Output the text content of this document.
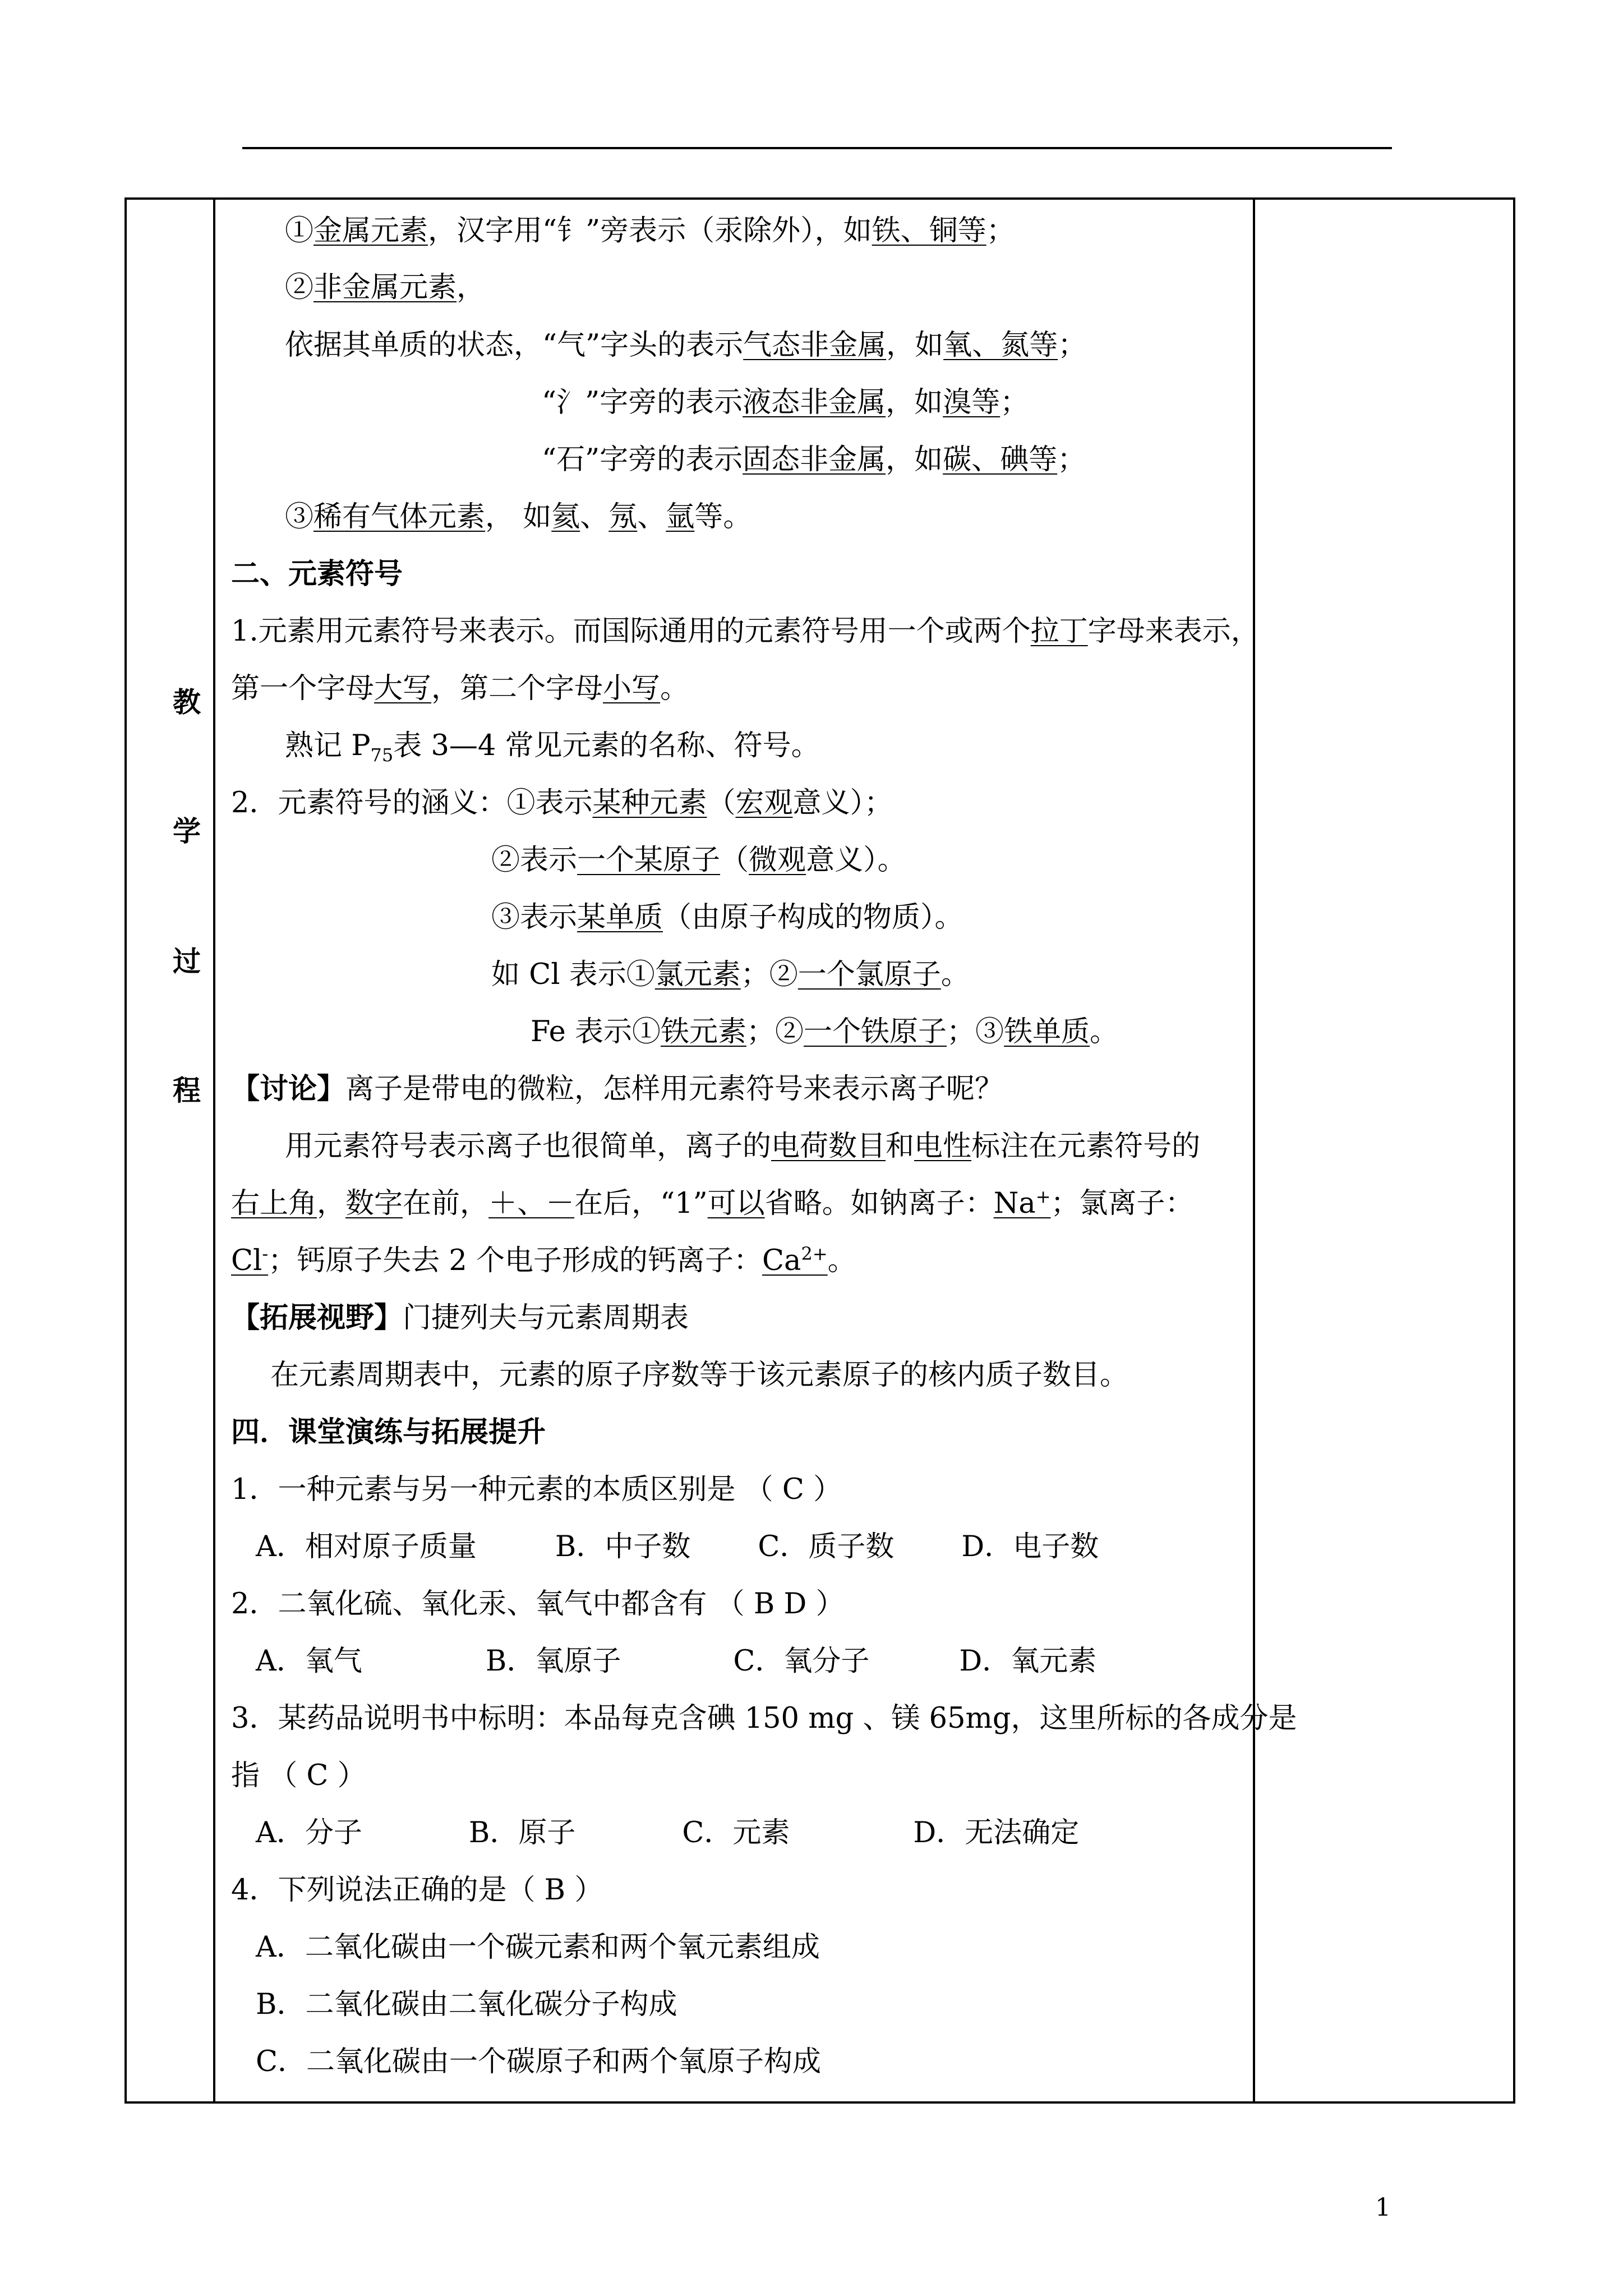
教
学
过
程
①金属元素，汉字用“钅”旁表示（汞除外），如铁、铜等；
②非金属元素，
依据其单质的状态，“气”字头的表示气态非金属，如氧、氮等；
“氵”字旁的表示液态非金属，如溴等；
“石”字旁的表示固态非金属，如碳、碘等；
③稀有气体元素， 如氦、氖、氩等。
二、元素符号
1.元素用元素符号来表示。而国际通用的元素符号用一个或两个拉丁字母来表示，
第一个字母大写，第二个字母小写。
熟记 $P_{75}$表 3—4 常见元素的名称、符号。
2．元素符号的涵义：①表示某种元素（宏观意义）；
②表示一个某原子（微观意义）。
③表示某单质（由原子构成的物质）。
如 Cl 表示①氯元素；②一个氯原子。
Fe 表示①铁元素；②一个铁原子；③铁单质。
【讨论】离子是带电的微粒，怎样用元素符号来表示离子呢？
用元素符号表示离子也很简单，离子的电荷数目和电性标注在元素符号的
右上角，数字在前，＋、－在后，“1”可以省略。如钠离子：Na+；氯离子：
Cl-；钙原子失去 2 个电子形成的钙离子：$Ca^{2+}$。
【拓展视野】门捷列夫与元素周期表
在元素周期表中，元素的原子序数等于该元素原子的核内质子数目。
四．课堂演练与拓展提升
1．一种元素与另一种元素的本质区别是 （ C ）
A．相对原子质量	B．中子数 C．质子数 D．电子数
2．二氧化硫、氧化汞、氧气中都含有 （ B D ）
A．氧气	B．氧原子	C．氧分子	D．氧元素
3．某药品说明书中标明：本品每克含碘 150 mg 、镁 65mg，这里所标的各成分是
指 （ C ）
A．分子	B．原子	C．元素	D．无法确定
4．下列说法正确的是（ B ）
A．二氧化碳由一个碳元素和两个氧元素组成
B．二氧化碳由二氧化碳分子构成
C．二氧化碳由一个碳原子和两个氧原子构成
1
